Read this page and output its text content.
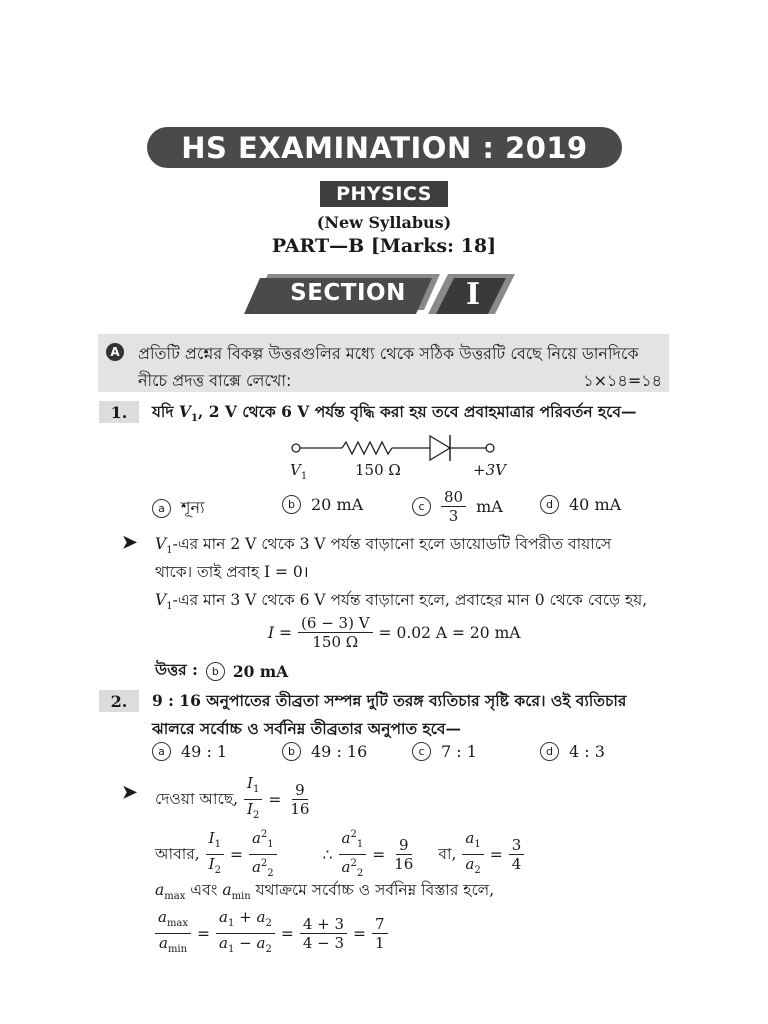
HS EXAMINATION : 2019
PHYSICS
(New Syllabus)
PART—B [Marks: 18]
SECTION	I
A প্রতিটি প্রশ্নের বিকল্প উত্তরগুলির মধ্যে থেকে সঠিক উত্তরটি বেছে নিয়ে ডানদিকে
নীচে প্রদত্ত বাক্সে লেখো:	১×১৪=১৪
1.	যদি $V_1$, 2 V থেকে 6 V পর্যন্ত বৃদ্ধি করা হয় তবে প্রবাহমাত্রার পরিবর্তন হবে—
$V_1$	150 Ω	+3V
a	শূন্য	b	20 mA	c	$\frac{80}{3}$ mA	d	40 mA
➤ $V_1-এর$ মান 2 V থেকে 3 V পর্যন্ত বাড়ানো হলে ডায়োডটি বিপরীত বায়াসে
থাকে। তাই প্রবাহ I = 0।
$V_1-এর$ মান 3 V থেকে 6 V পর্যন্ত বাড়ানো হলে, প্রবাহের মান 0 থেকে বেড়ে হয়,
$I = \frac{(6 - 3) V}{150 \Omega} = 0.02$ A = 20 mA
উত্তর :	b 20 mA
2.	9 : 16 অনুপাতের তীব্রতা সম্পন্ন দুটি তরঙ্গ ব্যতিচার সৃষ্টি করে। ওই ব্যতিচার
ঝালরে সর্বোচ্চ ও সর্বনিম্ন তীব্রতার অনুপাত হবে—
a	49 : 1	b	49 : 16	c	7 : 1	d	4 : 3
➤ দেওয়া আছে, $\frac{I_1}{I_2} = \frac{9}{16}$
আবার, $\frac{I_1}{I_2} = \frac{a^2_1}{a^2_2}$	∴ $\frac{a^2_1}{a^2_2} = \frac{9}{16}$ বা, $\frac{a_1}{a_2} = \frac{3}{4}$
$a_{max}$ এবং $a_{min}$ যথাক্রমে সর্বোচ্চ ও সর্বনিম্ন বিস্তার হলে,
$\frac{a_{max}}{a_{min}} = \frac{a_1 + a_2}{a_1 - a_2} = \frac{4 + 3}{4 - 3} = \frac{7}{1}$
